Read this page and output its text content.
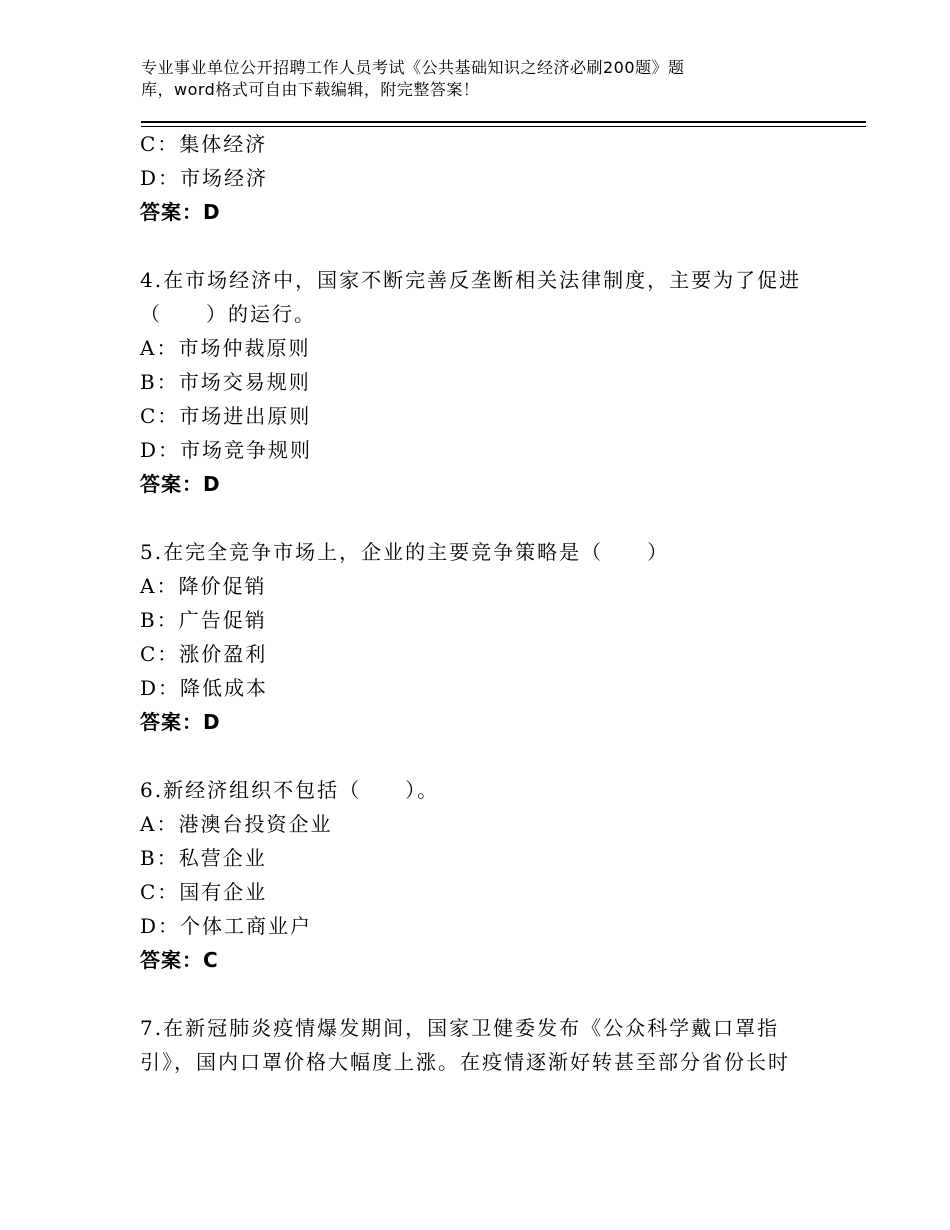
专业事业单位公开招聘工作人员考试《公共基础知识之经济必刷200题》题
库，word格式可自由下载编辑，附完整答案！
C：集体经济
D：市场经济
答案：D
4.在市场经济中，国家不断完善反垄断相关法律制度，主要为了促进
（　　）的运行。
A：市场仲裁原则
B：市场交易规则
C：市场进出原则
D：市场竞争规则
答案：D
5.在完全竞争市场上，企业的主要竞争策略是（　　）
A：降价促销
B：广告促销
C：涨价盈利
D：降低成本
答案：D
6.新经济组织不包括（　　）。
A：港澳台投资企业
B：私营企业
C：国有企业
D：个体工商业户
答案：C
7.在新冠肺炎疫情爆发期间，国家卫健委发布《公众科学戴口罩指
引》，国内口罩价格大幅度上涨。在疫情逐渐好转甚至部分省份长时
